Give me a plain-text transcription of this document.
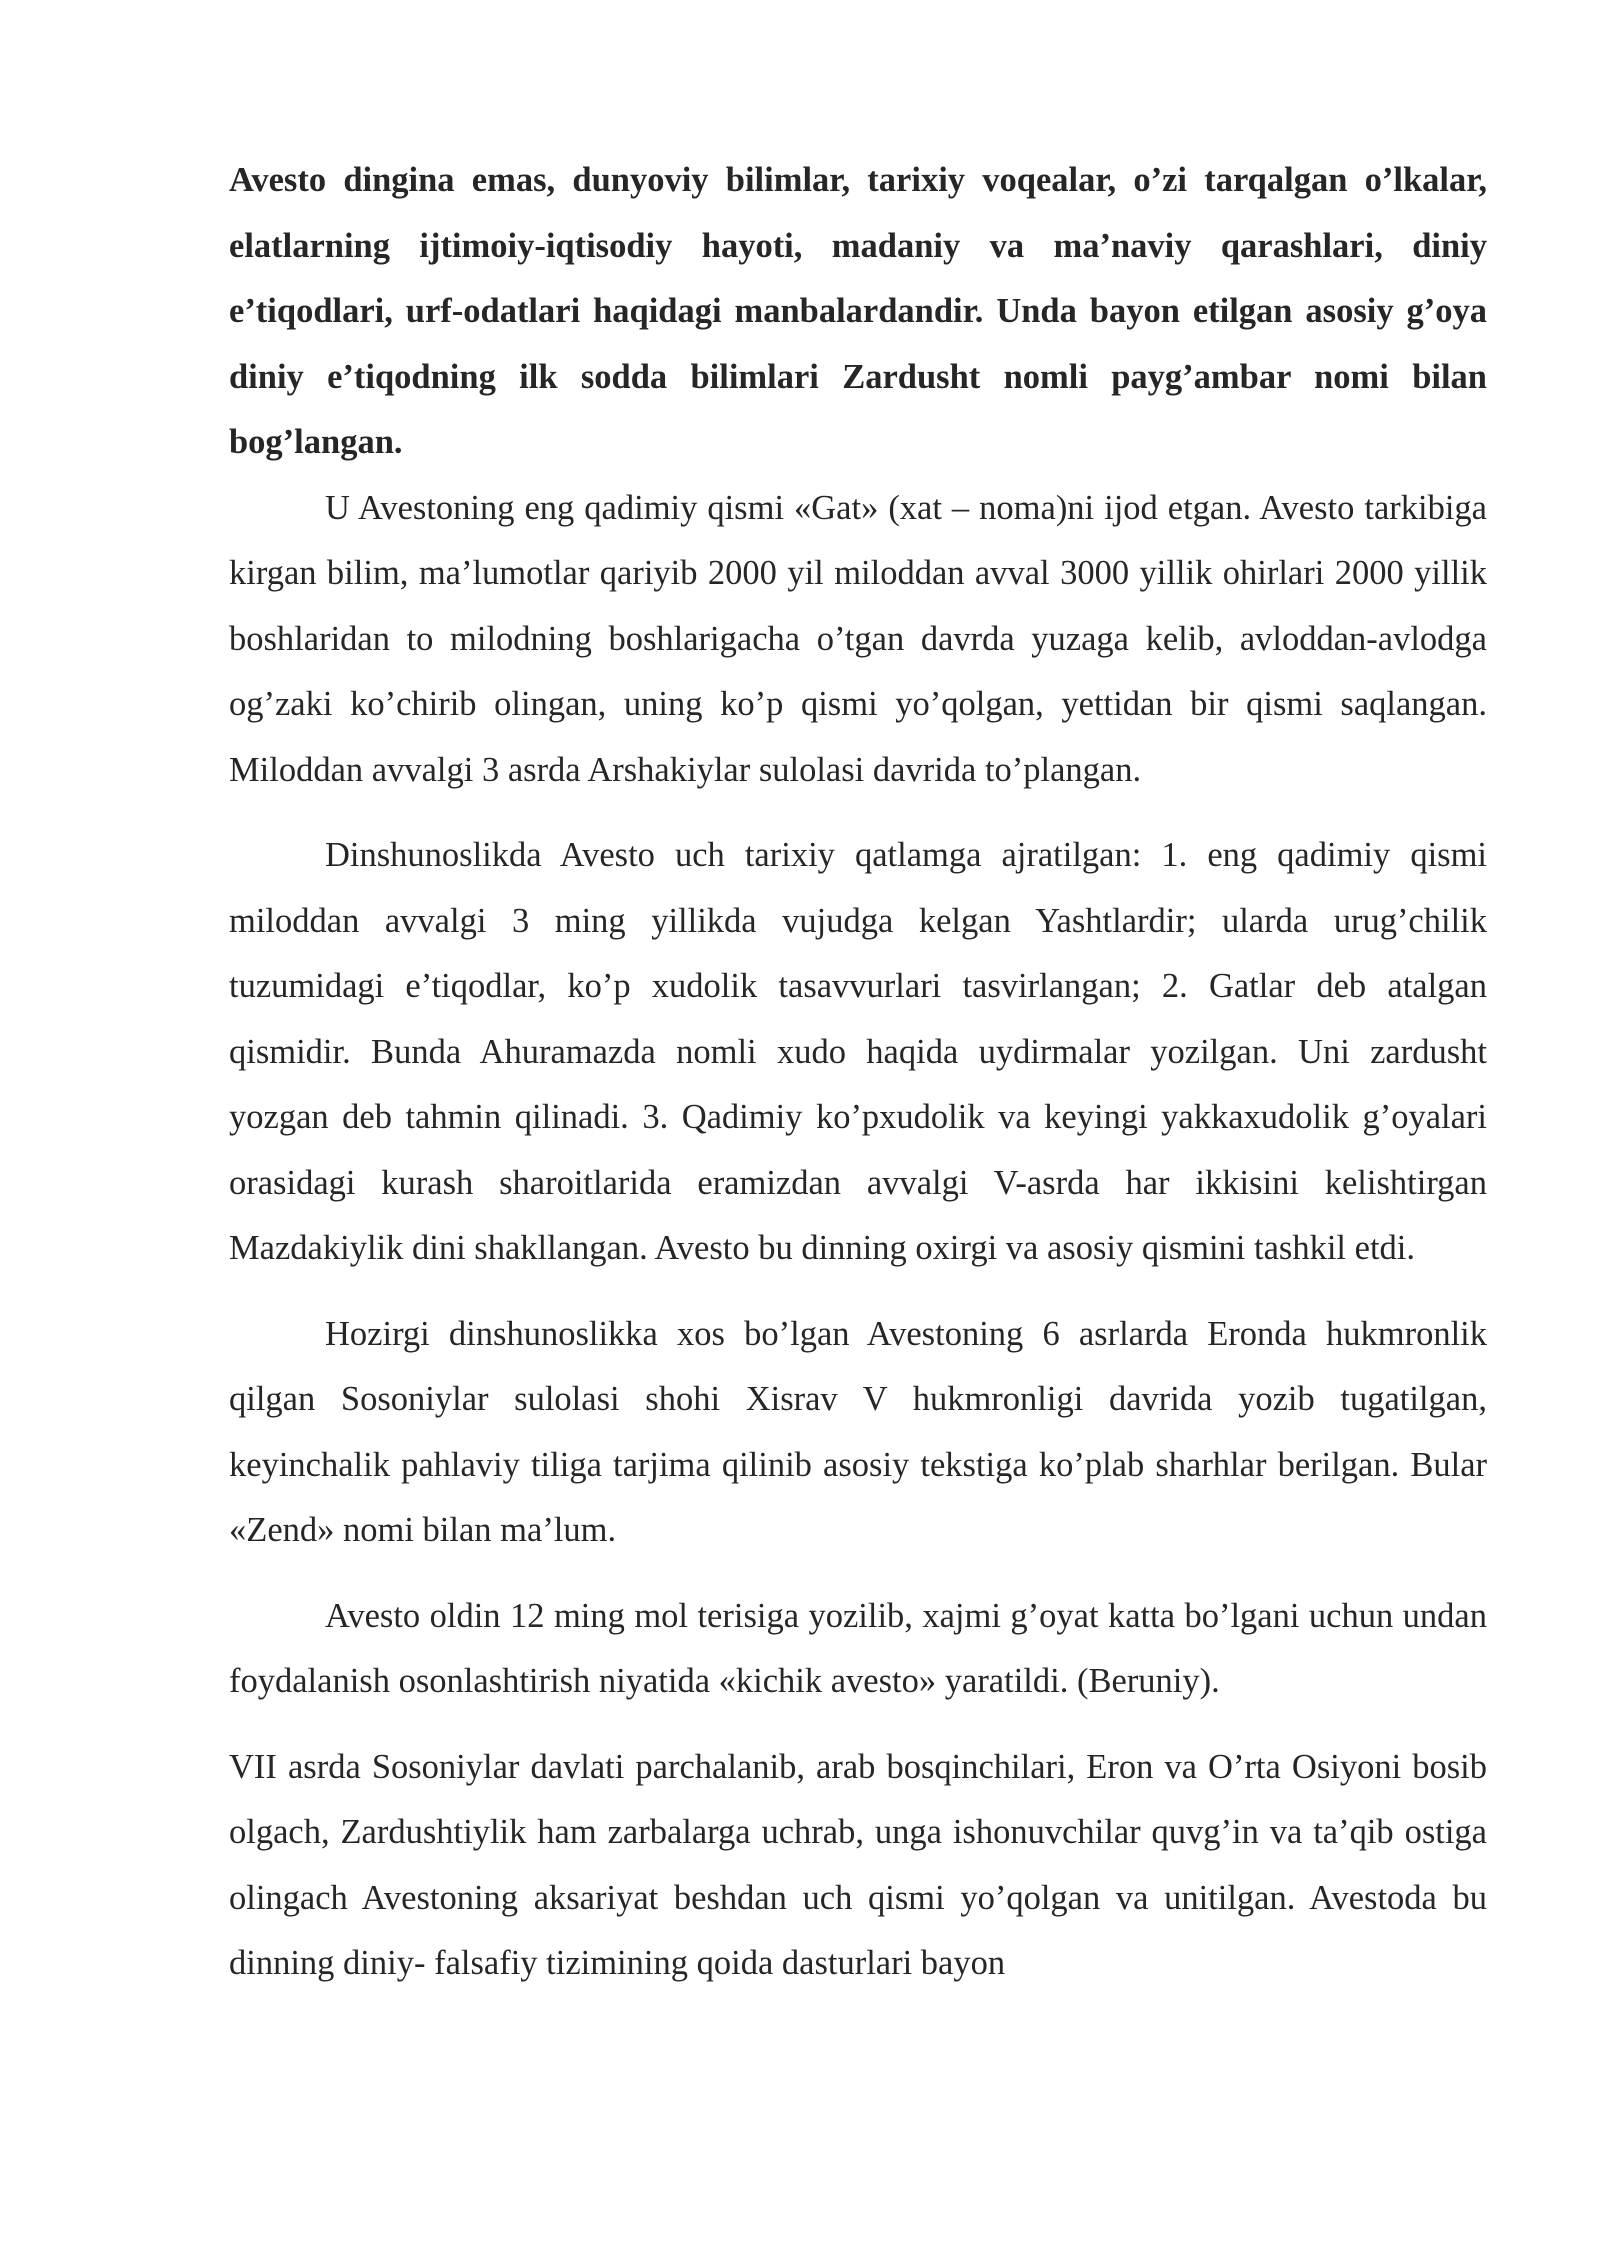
Avesto dingina emas, dunyoviy bilimlar, tarixiy voqealar, o’zi tarqalgan o’lkalar, elatlarning ijtimoiy-iqtisodiy hayoti, madaniy va ma’naviy qarashlari, diniy e’tiqodlari, urf-odatlari haqidagi manbalardandir. Unda bayon etilgan asosiy g’oya diniy e’tiqodning ilk sodda bilimlari Zardusht nomli payg’ambar nomi bilan bog’langan.

U Avestoning eng qadimiy qismi «Gat» (xat – noma)ni ijod etgan. Avesto tarkibiga kirgan bilim, ma’lumotlar qariyib 2000 yil miloddan avval 3000 yillik ohirlari 2000 yillik boshlaridan to milodning boshlarigacha o’tgan davrda yuzaga kelib, avloddan-avlodga og’zaki ko’chirib olingan, uning ko’p qismi yo’qolgan, yettidan bir qismi saqlangan. Miloddan avvalgi 3 asrda Arshakiylar sulolasi davrida to’plangan.

Dinshunoslikda Avesto uch tarixiy qatlamga ajratilgan: 1. eng qadimiy qismi miloddan avvalgi 3 ming yillikda vujudga kelgan Yashtlardir; ularda urug’chilik tuzumidagi e’tiqodlar, ko’p xudolik tasavvurlari tasvirlangan; 2. Gatlar deb atalgan qismidir. Bunda Ahuramazda nomli xudo haqida uydirmalar yozilgan. Uni zardusht yozgan deb tahmin qilinadi. 3. Qadimiy ko’pxudolik va keyingi yakkaxudolik g’oyalari orasidagi kurash sharoitlarida eramizdan avvalgi V-asrda har ikkisini kelishtirgan Mazdakiylik dini shakllangan. Avesto bu dinning oxirgi va asosiy qismini tashkil etdi.

Hozirgi dinshunoslikka xos bo’lgan Avestoning 6 asrlarda Eronda hukmronlik qilgan Sosoniylar sulolasi shohi Xisrav V hukmronligi davrida yozib tugatilgan, keyinchalik pahlaviy tiliga tarjima qilinib asosiy tekstiga ko’plab sharhlar berilgan. Bular «Zend» nomi bilan ma’lum.

Avesto oldin 12 ming mol terisiga yozilib, xajmi g’oyat katta bo’lgani uchun undan foydalanish osonlashtirish niyatida «kichik avesto» yaratildi. (Beruniy).

VII asrda Sosoniylar davlati parchalanib, arab bosqinchilari, Eron va O’rta Osiyoni bosib olgach, Zardushtiylik ham zarbalarga uchrab, unga ishonuvchilar quvg’in va ta’qib ostiga olingach Avestoning aksariyat beshdan uch qismi yo’qolgan va unitilgan. Avestoda bu dinning diniy- falsafiy tizimining qoida dasturlari bayon
